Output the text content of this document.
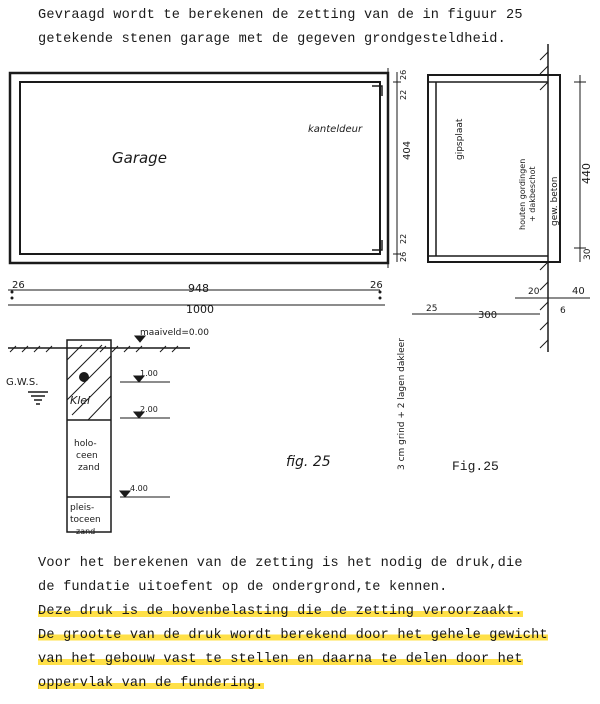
Gevraagd wordt te berekenen de zetting van de in figuur 25
getekende stenen garage met de gegeven grondgesteldheid.
Garage
kanteldeur
948
1000
26	26
404
26
22
26
22
gipsplaat
houten gordingen + dakbeschot gew. beton
440
30
20	40
6
25
300
3 cm grind + 2 lagen dakleer
maaiveld=0.00
G.W.S.
Klei
holo-
ceen
zand
pleis-
toceen
zand
1.00
2.00
4.00
fig. 25	Fig.25
Voor het berekenen van de zetting is het nodig de druk,die
de fundatie uitoefent op de ondergrond,te kennen.
Deze druk is de bovenbelasting die de zetting veroorzaakt.
De grootte van de druk wordt berekend door het gehele gewicht
van het gebouw vast te stellen en daarna te delen door het
oppervlak van de fundering.
